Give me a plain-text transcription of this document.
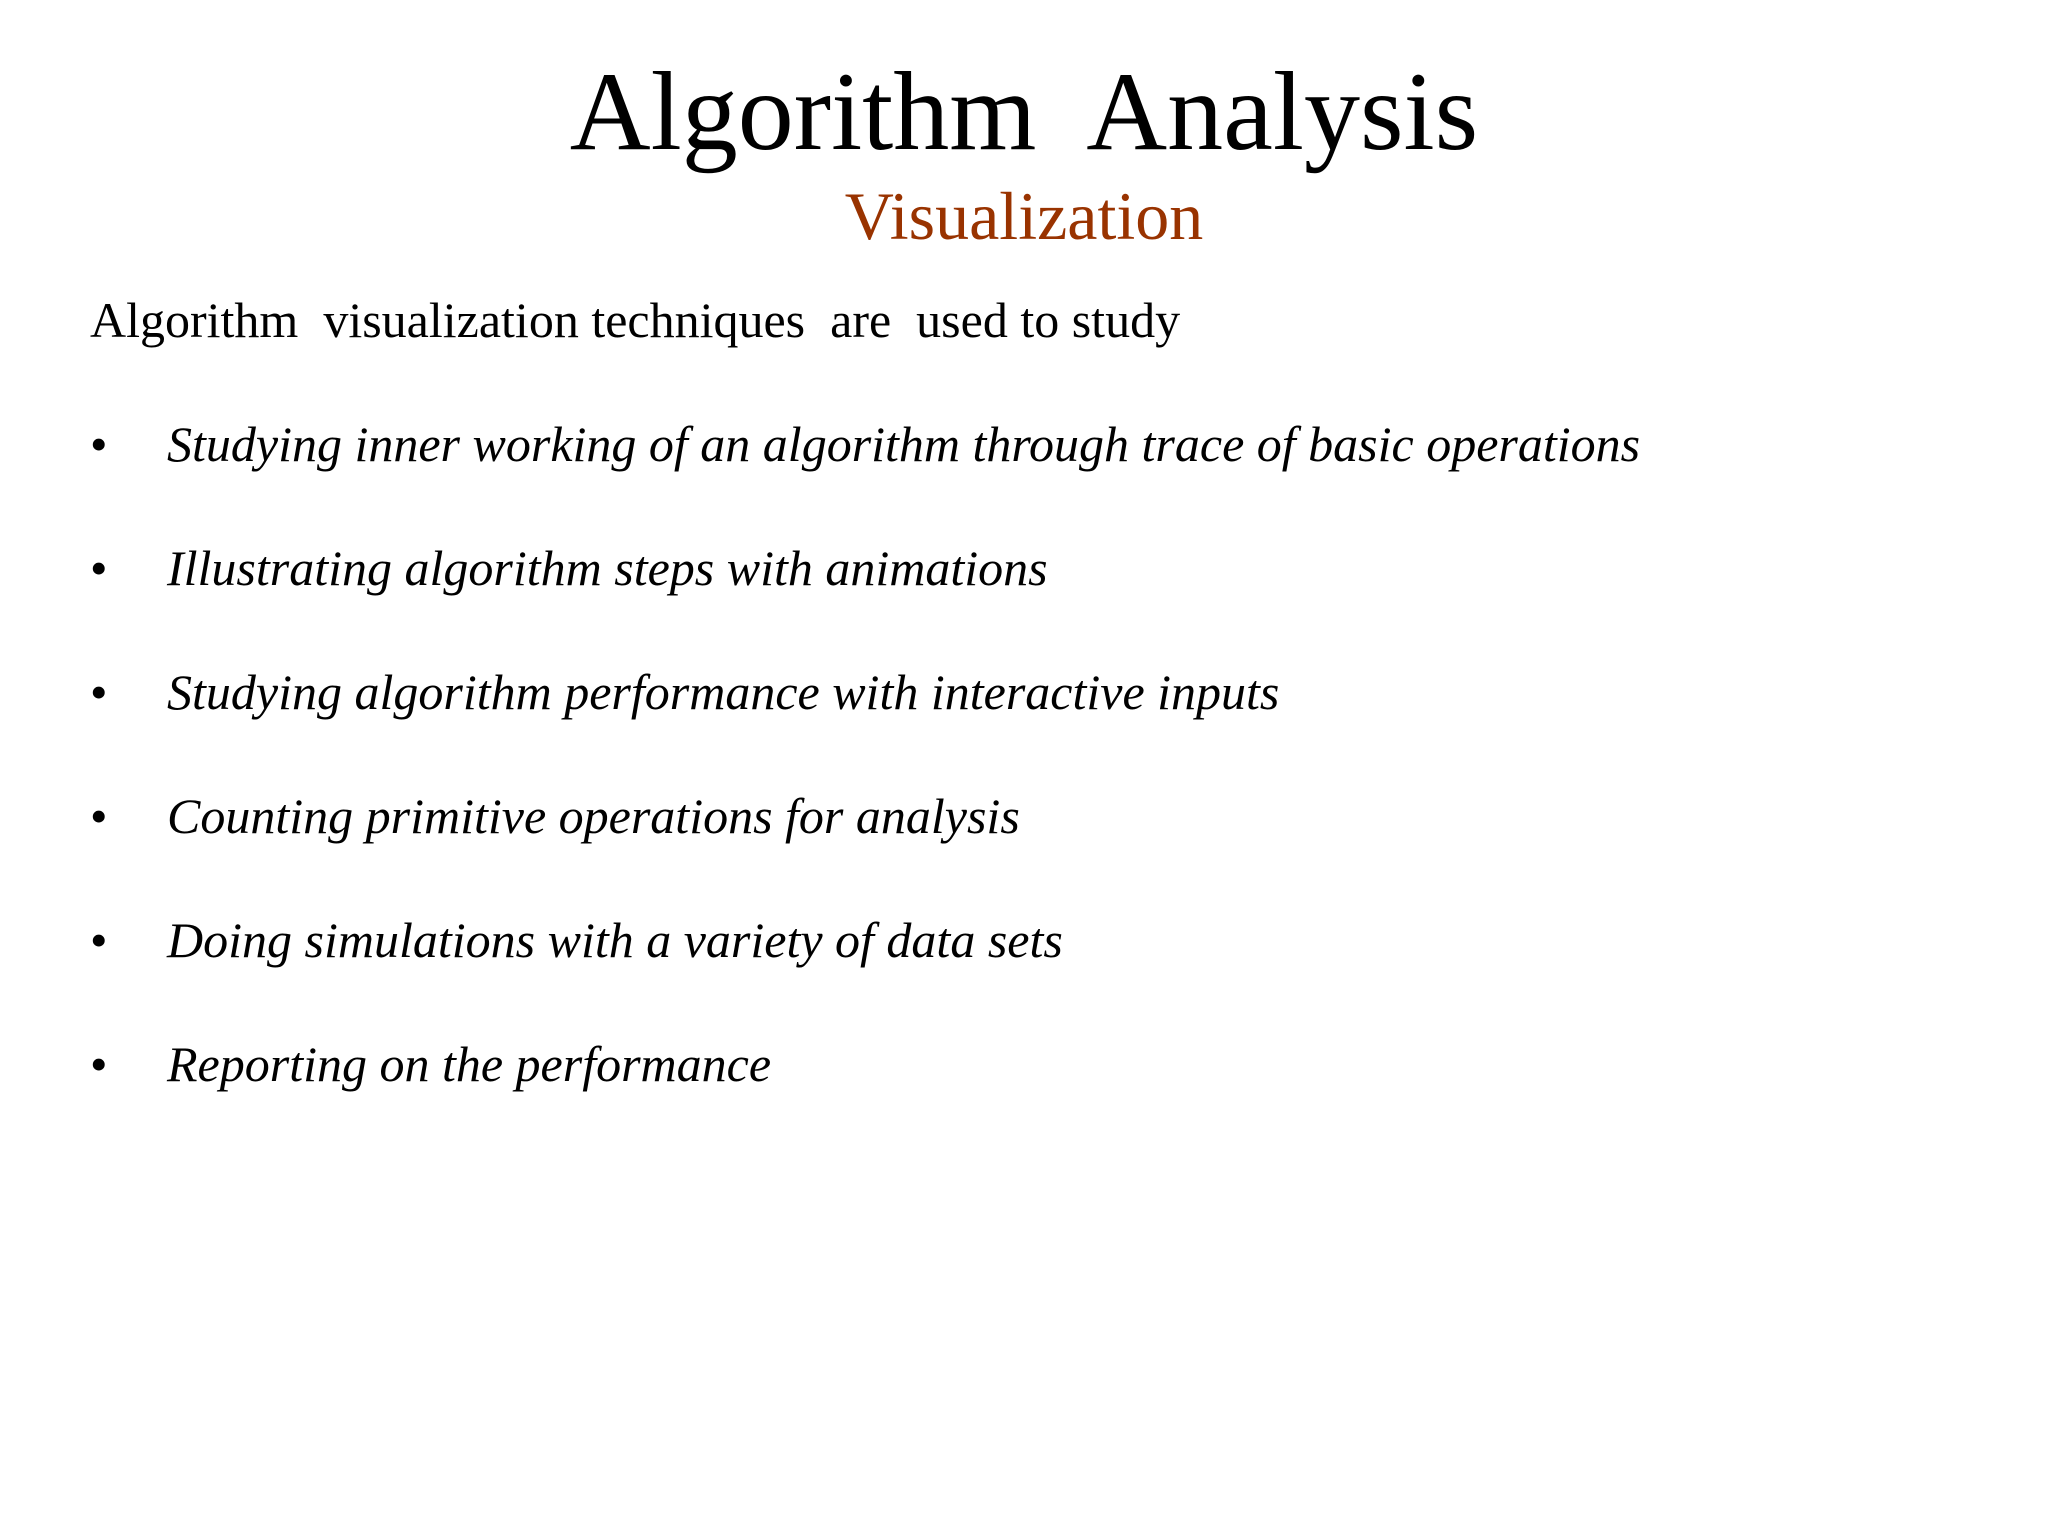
Algorithm  Analysis
Visualization
Algorithm  visualization techniques  are  used to study

•

Studying inner working of an algorithm through trace of basic operations

•

Illustrating algorithm steps with animations

•

Studying algorithm performance with interactive inputs

•

Counting primitive operations for analysis

•

Doing simulations with a variety of data sets

•

Reporting on the performance
